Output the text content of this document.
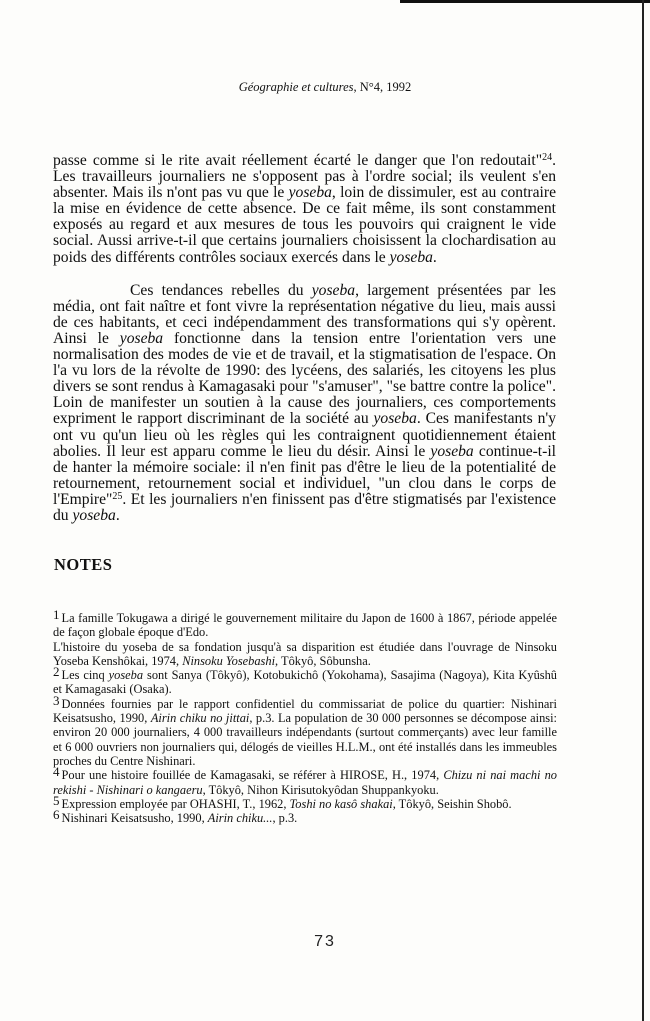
Géographie et cultures, N°4, 1992

passe comme si le rite avait réellement écarté le danger que l'on redoutait"$^{24}$. Les travailleurs journaliers ne s'opposent pas à l'ordre social; ils veulent s'en absenter. Mais ils n'ont pas vu que le yoseba, loin de dissimuler, est au contraire la mise en évidence de cette absence. De ce fait même, ils sont constamment exposés au regard et aux mesures de tous les pouvoirs qui craignent le vide social. Aussi arrive-t-il que certains journaliers choisissent la clochardisation au poids des différents contrôles sociaux exercés dans le yoseba.

Ces tendances rebelles du yoseba, largement présentées par les média, ont fait naître et font vivre la représentation négative du lieu, mais aussi de ces habitants, et ceci indépendamment des transformations qui s'y opèrent. Ainsi le yoseba fonctionne dans la tension entre l'orientation vers une normalisation des modes de vie et de travail, et la stigmatisation de l'espace. On l'a vu lors de la révolte de 1990: des lycéens, des salariés, les citoyens les plus divers se sont rendus à Kamagasaki pour "s'amuser", "se battre contre la police". Loin de manifester un soutien à la cause des journaliers, ces comportements expriment le rapport discriminant de la société au yoseba. Ces manifestants n'y ont vu qu'un lieu où les règles qui les contraignent quotidiennement étaient abolies. Il leur est apparu comme le lieu du désir. Ainsi le yoseba continue-t-il de hanter la mémoire sociale: il n'en finit pas d'être le lieu de la potentialité de retournement, retournement social et individuel, "un clou dans le corps de l'Empire"$^{25}$. Et les journaliers n'en finissent pas d'être stigmatisés par l'existence du yoseba.

NOTES

1 La famille Tokugawa a dirigé le gouvernement militaire du Japon de 1600 à 1867, période appelée de façon globale époque d'Edo.

L'histoire du yoseba de sa fondation jusqu'à sa disparition est étudiée dans l'ouvrage de Ninsoku Yoseba Kenshôkai, 1974, Ninsoku Yosebashi, Tôkyô, Sôbunsha.

2 Les cinq yoseba sont Sanya (Tôkyô), Kotobukichô (Yokohama), Sasajima (Nagoya), Kita Kyûshû et Kamagasaki (Osaka).

3 Données fournies par le rapport confidentiel du commissariat de police du quartier: Nishinari Keisatsusho, 1990, Airin chiku no jittai, p.3. La population de 30 000 personnes se décompose ainsi: environ 20 000 journaliers, 4 000 travailleurs indépendants (surtout commerçants) avec leur famille et 6 000 ouvriers non journaliers qui, délogés de vieilles H.L.M., ont été installés dans les immeubles proches du Centre Nishinari.

4 Pour une histoire fouillée de Kamagasaki, se référer à HIROSE, H., 1974, Chizu ni nai machi no rekishi - Nishinari o kangaeru, Tôkyô, Nihon Kirisutokyôdan Shuppankyoku.

5 Expression employée par OHASHI, T., 1962, Toshi no kasô shakai, Tôkyô, Seishin Shobô.

6 Nishinari Keisatsusho, 1990, Airin chiku..., p.3.

73
